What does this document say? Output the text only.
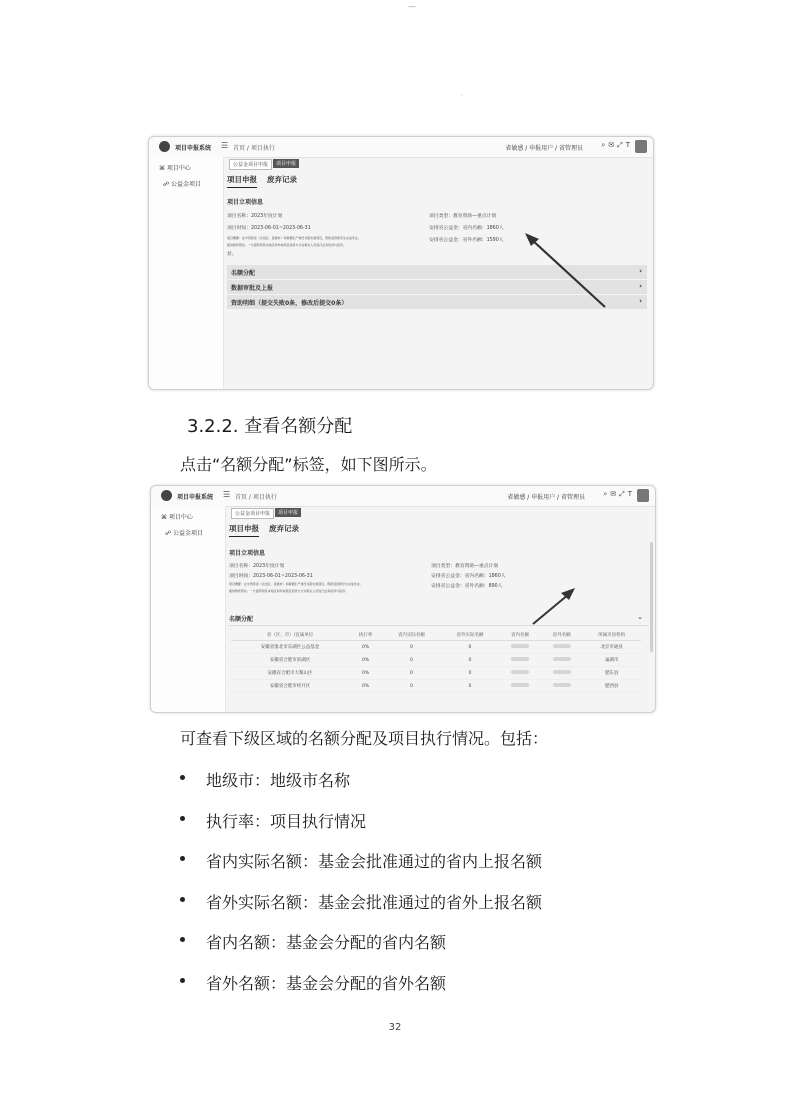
—
˙
项目申报系统 ☰ 首页 / 项目执行	省敏感 / 申报用户 / 省管理员	⌕✉⤢T
⌘ 项目中心
☍ 公益金项目
公益金项目申报	项目申报
项目申报 废弃记录
项目立项信息
项目名称：2023年度计划
项目时间：2023-06-01~2023-06-31
项目概要：在中西部省（自治区、直辖市）和新疆生产建设兵团实施项目，帮助受资助学生完成学业，
提供教育帮扶。一方面利用其本地区和外地项目培训方式对相关人员进行业务培训与指导，
显。
项目类型：教育资助—重点计划
安排省公益金：省内名额：1860人
安排省公益金：省外名额：1590人
名额分配	›
数据审批及上报	›
资助明细（提交失败0条，修改后提交0条）	›
3.2.2. 查看名额分配
点击“名额分配”标签，如下图所示。
项目申报系统 ☰ 首页 / 项目执行	省敏感 / 申报用户 / 省管理员	⌕✉⤢T
⌘ 项目中心
☍ 公益金项目
公益金项目申报	项目申报
项目申报 废弃记录
项目立项信息
项目名称：2023年度计划
项目时间：2023-06-01~2023-06-31
项目概要：在中西部省（自治区、直辖市）和新疆生产建设兵团实施项目，帮助受资助学生完成学业，
提供教育帮扶。一方面利用其本地区和外地项目培训方式对相关人员进行业务培训与指导。
项目类型：教育资助—重点计划
安排省公益金：省内名额：1860人
安排省公益金：省外名额：890人
名额分配	⌄
省（区、市）/直属单位	执行率	省内实际名额	省外实际名额	省内名额	省外名额	所属市县机构
安徽省淮北市东湖区公益基金	0%	0	0			北京市通县
安徽省合肥市滨湖区	0%	0	0			巢湖市
安徽省合肥市大蜀山区	0%	0	0			肥东县
安徽省合肥市经开区	0%	0	0			肥西县
可查看下级区域的名额分配及项目执行情况。包括：
地级市：地级市名称
执行率：项目执行情况
省内实际名额：基金会批准通过的省内上报名额
省外实际名额：基金会批准通过的省外上报名额
省内名额：基金会分配的省内名额
省外名额：基金会分配的省外名额
32
